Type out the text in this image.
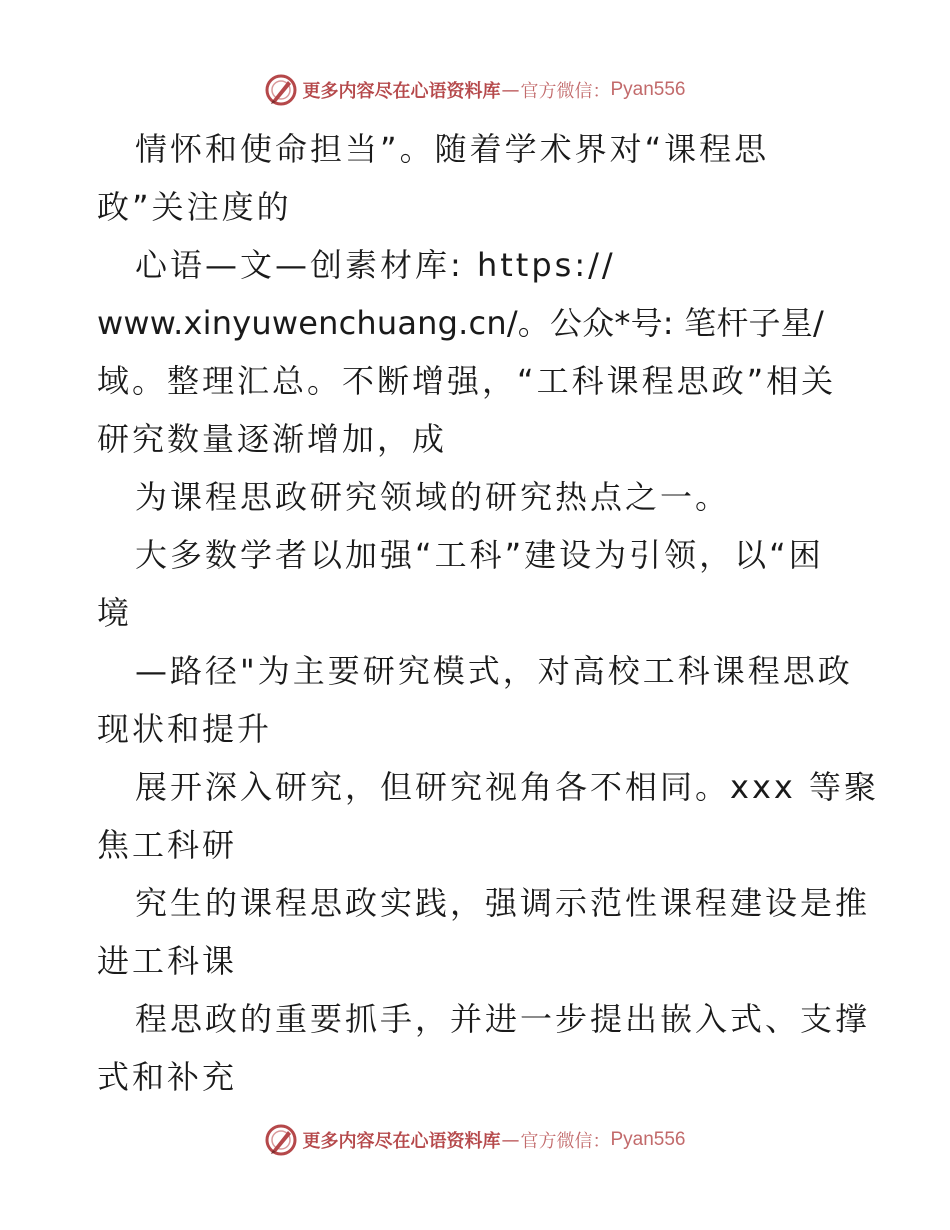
更多内容尽在心语资料库 — 官方微信： Pyan556
情怀和使命担当”。随着学术界对“课程思
政”关注度的
心语—文—创素材库: https://
www.xinyuwenchuang.cn/。公众*号: 笔杆子星/
域。整理汇总。不断增强，“工科课程思政”相关
研究数量逐渐增加，成
为课程思政研究领域的研究热点之一。
大多数学者以加强“工科”建设为引领，以“困
境
—路径"为主要研究模式，对高校工科课程思政
现状和提升
展开深入研究，但研究视角各不相同。xxx 等聚
焦工科研
究生的课程思政实践，强调示范性课程建设是推
进工科课
程思政的重要抓手，并进一步提出嵌入式、支撑
式和补充
更多内容尽在心语资料库 — 官方微信： Pyan556
